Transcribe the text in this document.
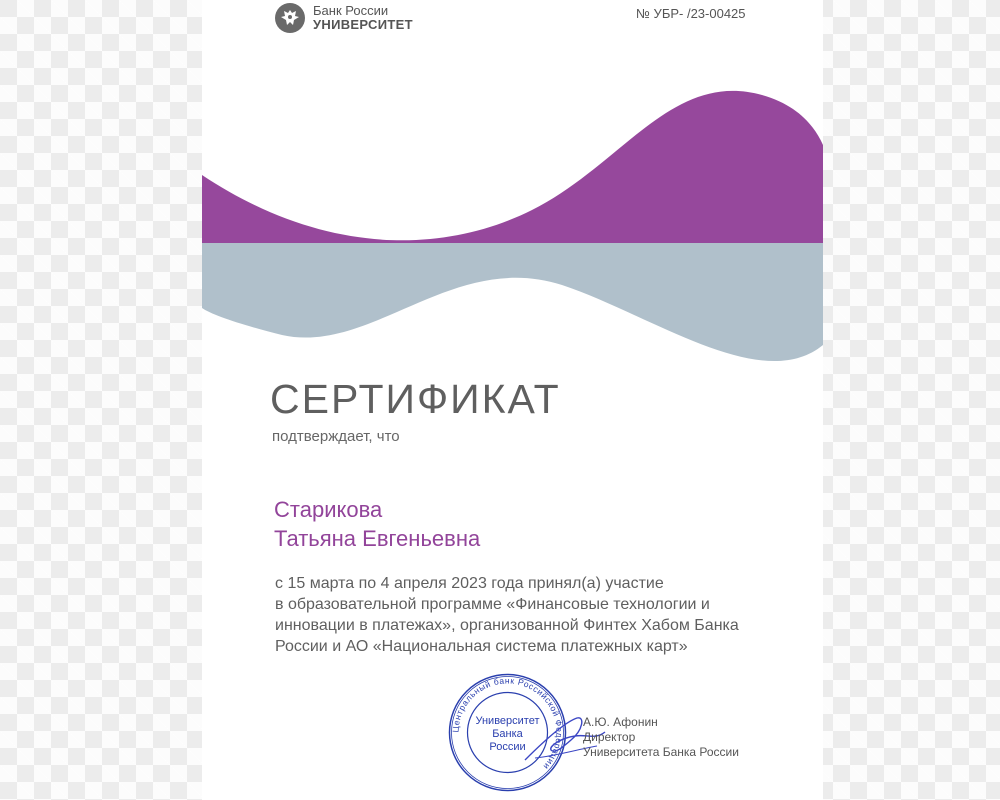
Банк России
УНИВЕРСИТЕТ
№ УБР- /23-00425
СЕРТИФИКАТ
подтверждает, что
Старикова
Татьяна Евгеньевна
с 15 марта по 4 апреля 2023 года принял(а) участие
в образовательной программе «Финансовые технологии и
инновации в платежах», организованной Финтех Хабом Банка
России и АО «Национальная система платежных карт»
Центральный банк Российской Федерации
Университет
Банка
России
А.Ю. Афонин
Директор
Университета Банка России
